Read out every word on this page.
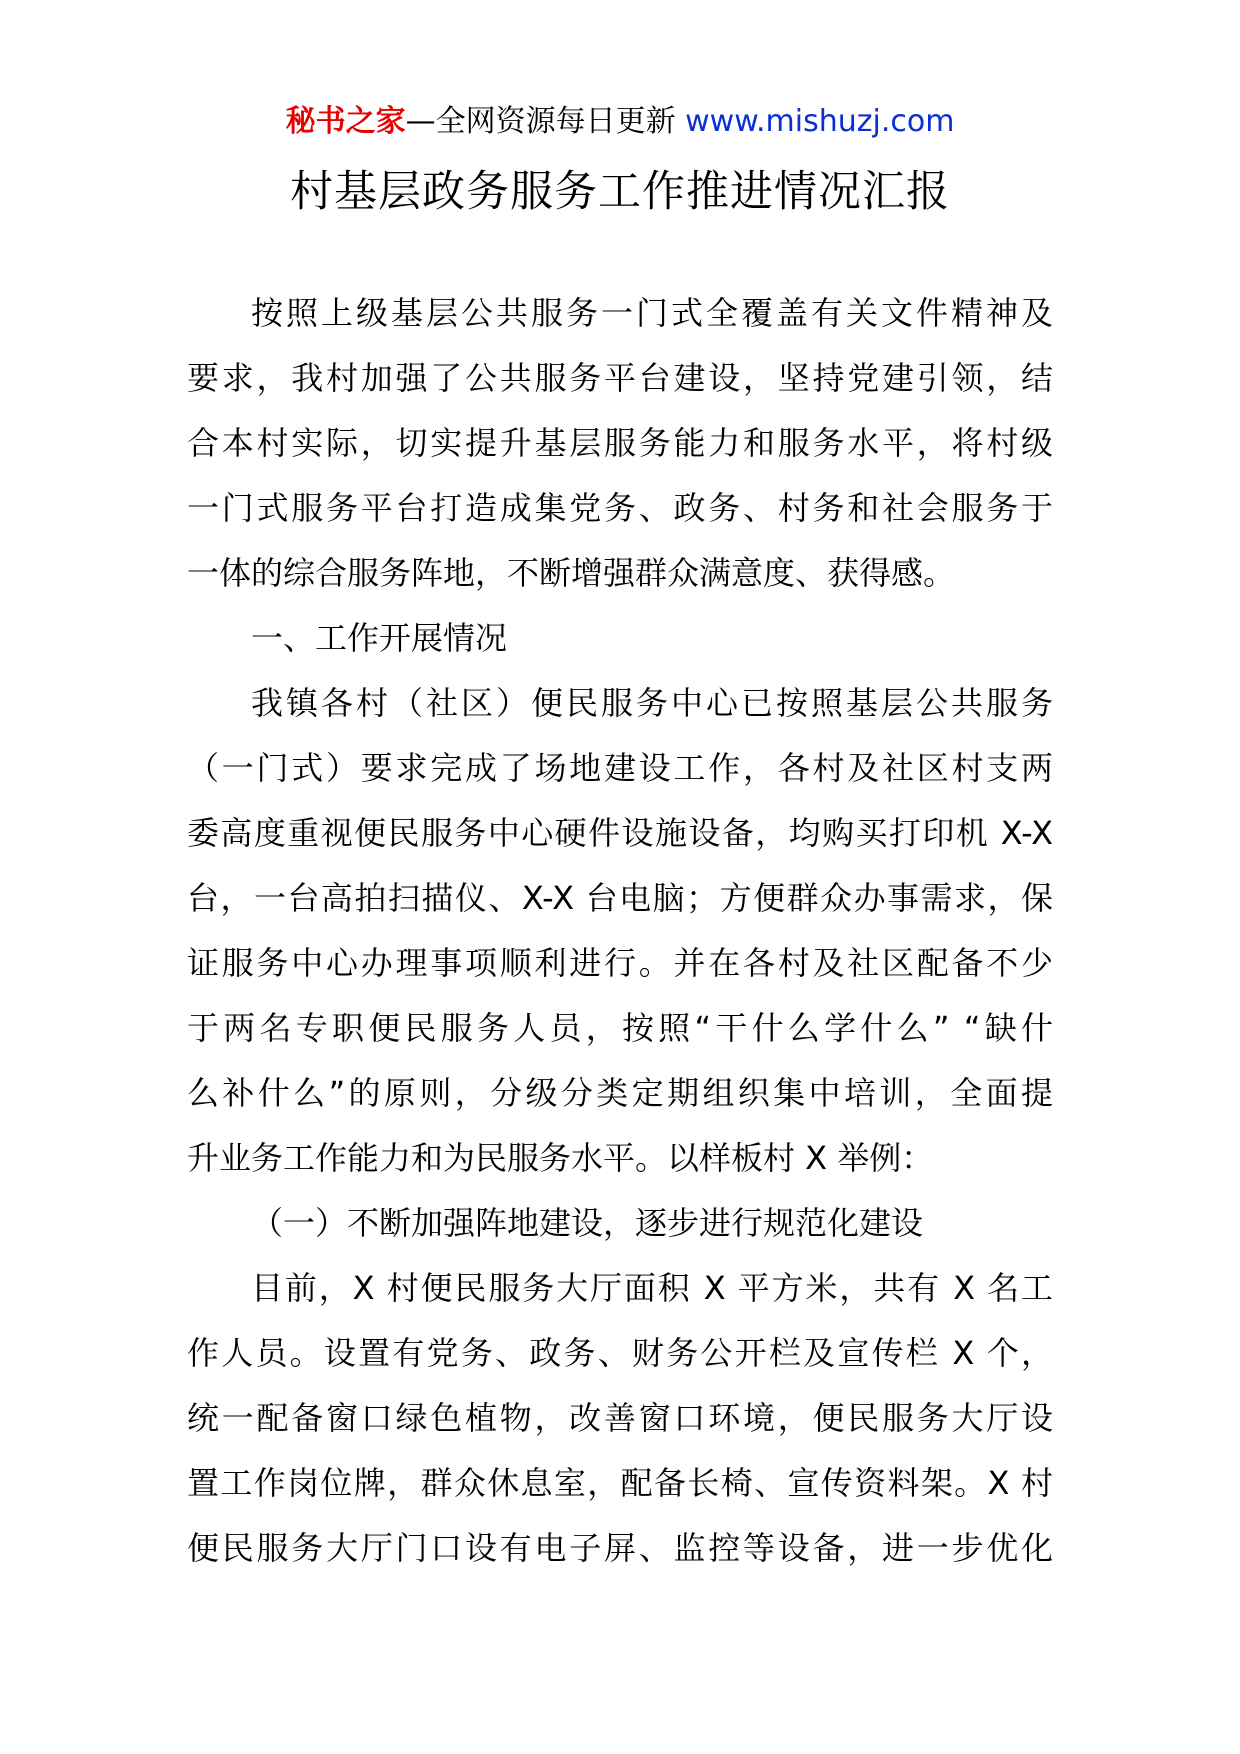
秘书之家—全网资源每日更新 www.mishuzj.com
村基层政务服务工作推进情况汇报
按照上级基层公共服务一门式全覆盖有关文件精神及
要求，我村加强了公共服务平台建设，坚持党建引领，结
合本村实际，切实提升基层服务能力和服务水平，将村级
一门式服务平台打造成集党务、政务、村务和社会服务于
一体的综合服务阵地，不断增强群众满意度、获得感。
一、工作开展情况
我镇各村（社区）便民服务中心已按照基层公共服务
（一门式）要求完成了场地建设工作，各村及社区村支两
委高度重视便民服务中心硬件设施设备，均购买打印机 X-X
台，一台高拍扫描仪、X-X 台电脑；方便群众办事需求，保
证服务中心办理事项顺利进行。并在各村及社区配备不少
于两名专职便民服务人员，按照“干什么学什么” “缺什
么补什么”的原则，分级分类定期组织集中培训，全面提
升业务工作能力和为民服务水平。以样板村 X 举例：
（一）不断加强阵地建设，逐步进行规范化建设
目前，X 村便民服务大厅面积 X 平方米，共有 X 名工
作人员。设置有党务、政务、财务公开栏及宣传栏 X 个，
统一配备窗口绿色植物，改善窗口环境，便民服务大厅设
置工作岗位牌，群众休息室，配备长椅、宣传资料架。X 村
便民服务大厅门口设有电子屏、监控等设备，进一步优化
